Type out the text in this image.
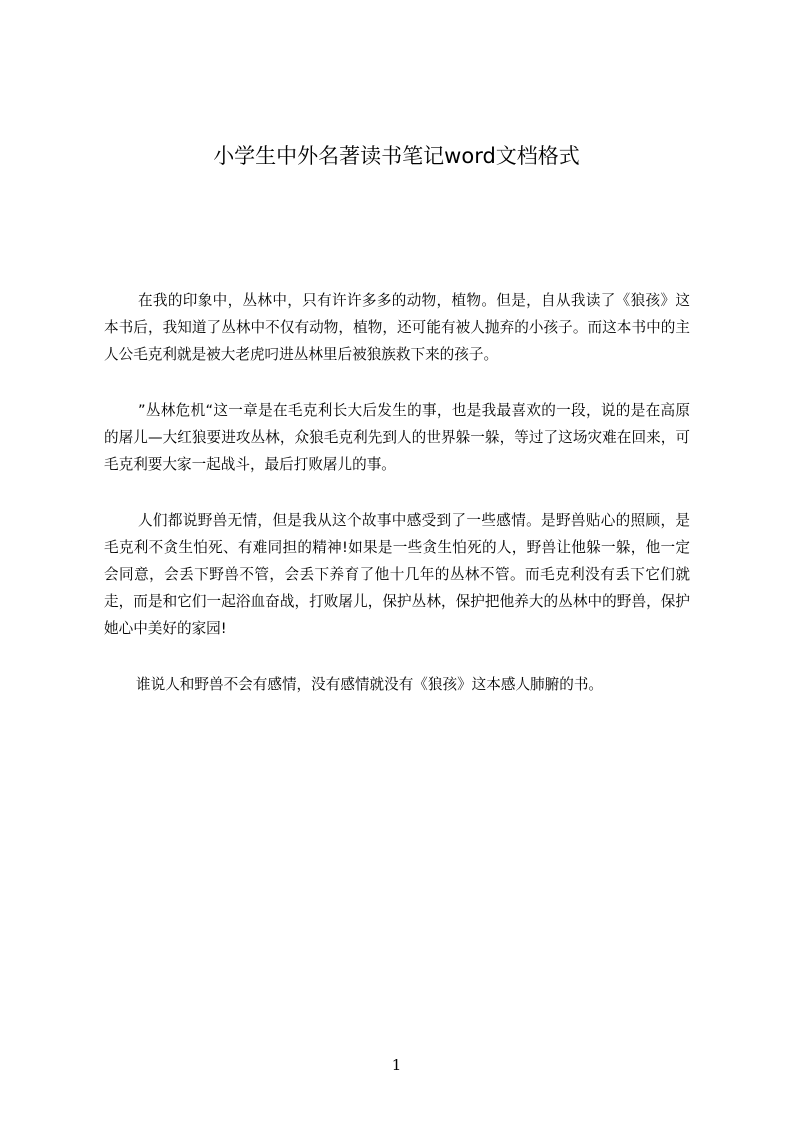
小学生中外名著读书笔记word文档格式

在我的印象中，丛林中，只有许许多多的动物，植物。但是，自从我读了《狼孩》这本书后，我知道了丛林中不仅有动物，植物，还可能有被人抛弃的小孩子。而这本书中的主人公毛克利就是被大老虎叼进丛林里后被狼族救下来的孩子。

”丛林危机“这一章是在毛克利长大后发生的事，也是我最喜欢的一段，说的是在高原的屠儿—大红狼要进攻丛林，众狼毛克利先到人的世界躲一躲，等过了这场灾难在回来，可毛克利要大家一起战斗，最后打败屠儿的事。

人们都说野兽无情，但是我从这个故事中感受到了一些感情。是野兽贴心的照顾，是毛克利不贪生怕死、有难同担的精神!如果是一些贪生怕死的人，野兽让他躲一躲，他一定会同意，会丢下野兽不管，会丢下养育了他十几年的丛林不管。而毛克利没有丢下它们就走，而是和它们一起浴血奋战，打败屠儿，保护丛林，保护把他养大的丛林中的野兽，保护她心中美好的家园!

谁说人和野兽不会有感情，没有感情就没有《狼孩》这本感人肺腑的书。

1
